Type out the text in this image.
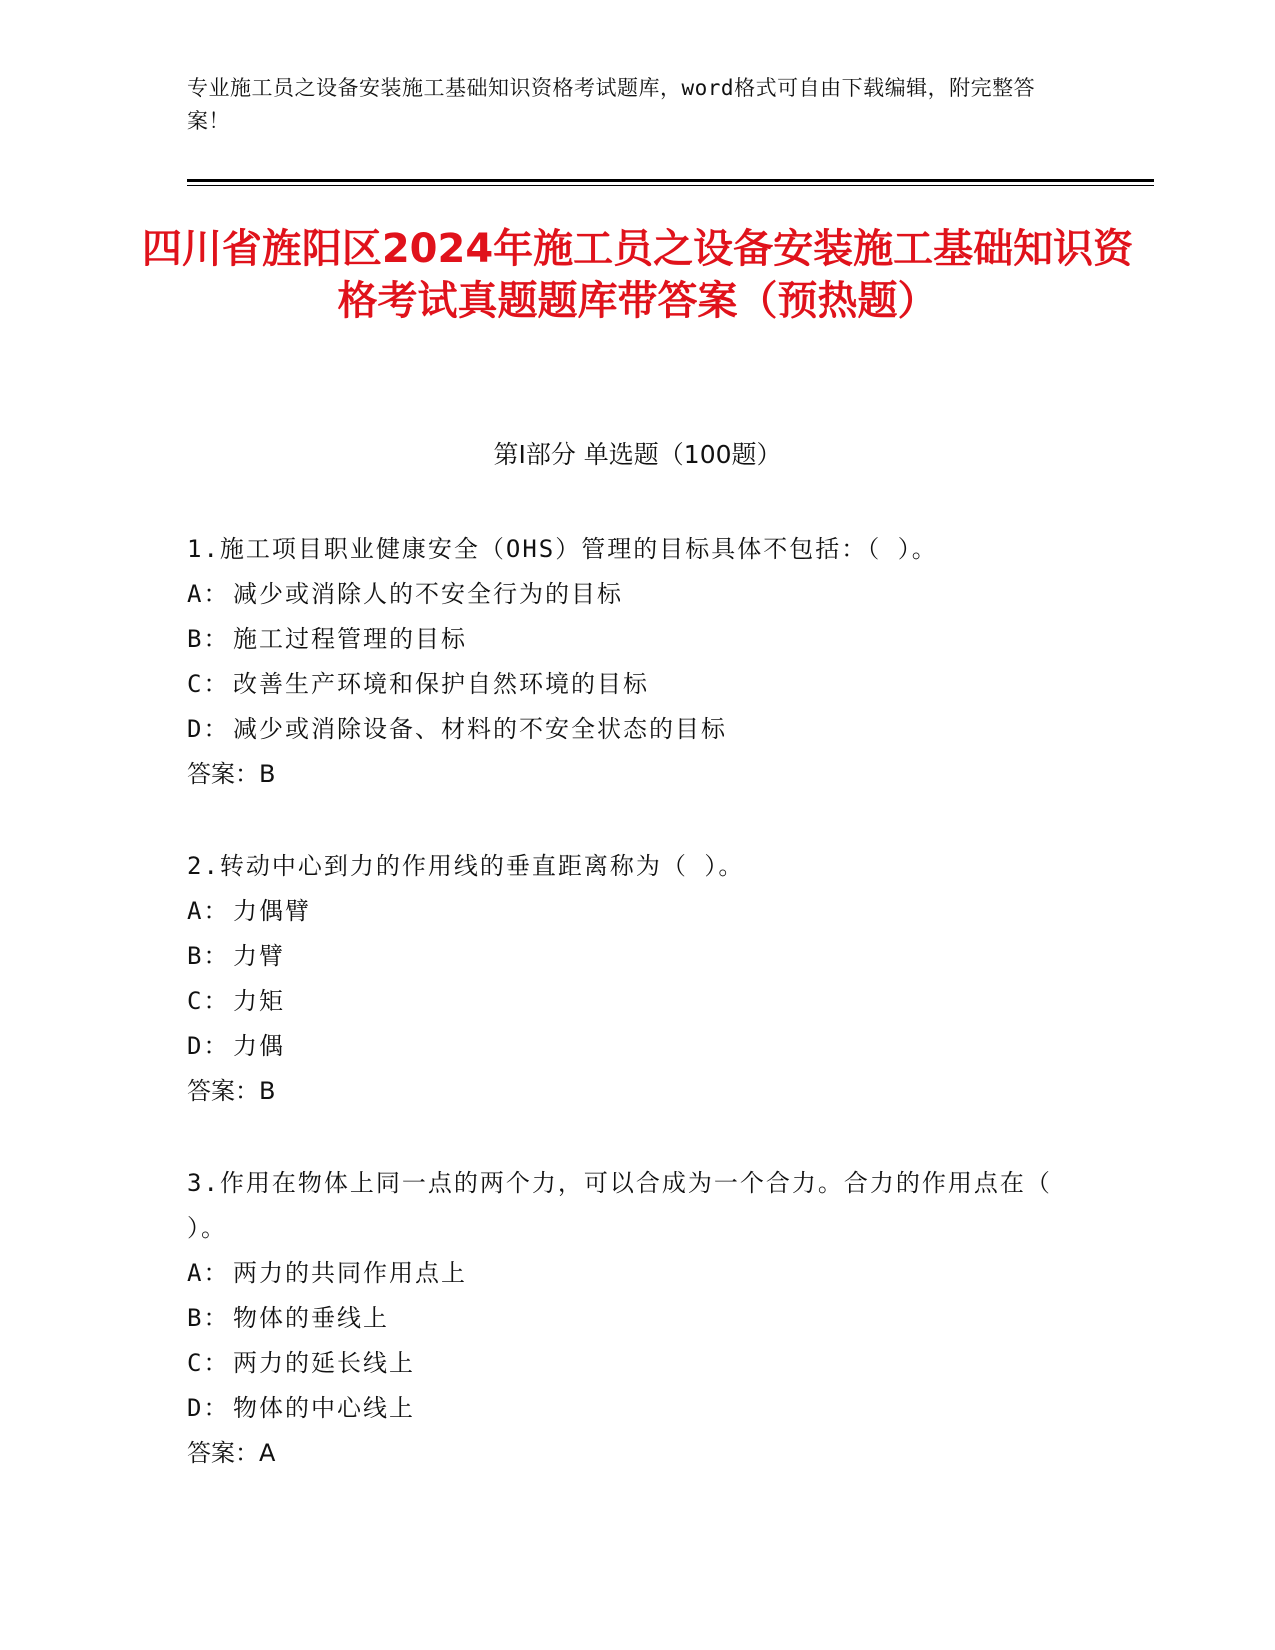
专业施工员之设备安装施工基础知识资格考试题库，word格式可自由下载编辑，附完整答案！
四川省旌阳区2024年施工员之设备安装施工基础知识资格考试真题题库带答案（预热题）
第Ⅰ部分 单选题（100题）
1.施工项目职业健康安全（OHS）管理的目标具体不包括：（ ）。
A： 减少或消除人的不安全行为的目标
B： 施工过程管理的目标
C： 改善生产环境和保护自然环境的目标
D： 减少或消除设备、材料的不安全状态的目标
答案：B
2.转动中心到力的作用线的垂直距离称为（ ）。
A： 力偶臂
B： 力臂
C： 力矩
D： 力偶
答案：B
3.作用在物体上同一点的两个力，可以合成为一个合力。合力的作用点在（ ）。
A： 两力的共同作用点上
B： 物体的垂线上
C： 两力的延长线上
D： 物体的中心线上
答案：A
